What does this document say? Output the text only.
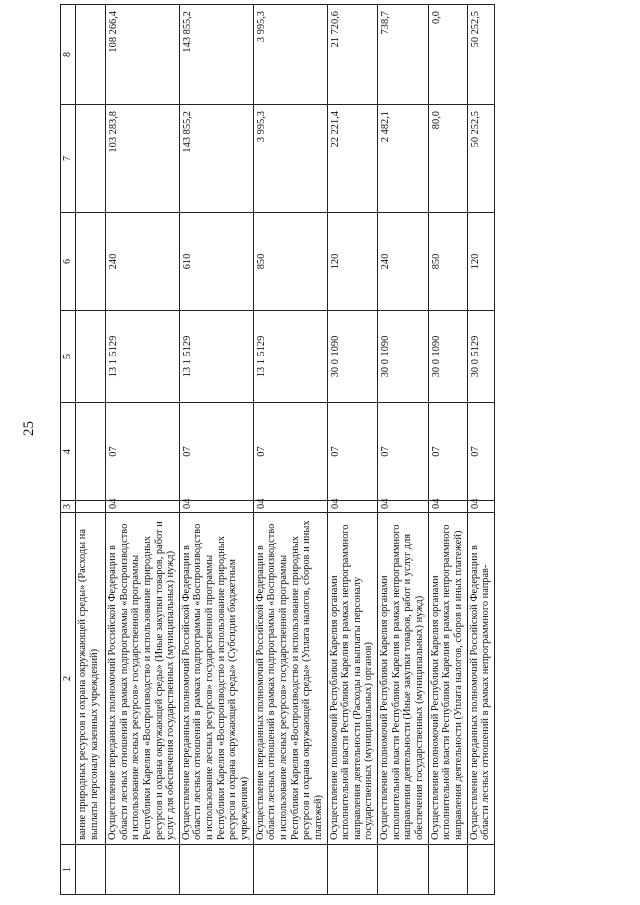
25
1	2	3	4	5	6	7	8
	вание природных ресурсов и охрана окружающей среды» (Расходы на выплаты персоналу казенных учреждений)						
	Осуществление переданных полномочий Российской Федерации в области лесных отношений в рамках подпрограммы «Воспроизводство и использование лесных ресурсов» государственной программы Республики Карелия «Воспроизводство и использование природных ресурсов и охрана окружающей среды» (Иные закупки товаров, работ и услуг для обеспечения государственных (муниципальных) нужд)	04	07	13 1 5129	240	103 283,8	108 266,4
	Осуществление переданных полномочий Российской Федерации в области лесных отношений в рамках подпрограммы «Воспроизводство и использование лесных ресурсов» государственной программы Республики Карелия «Воспроизводство и использование природных ресурсов и охрана окружающей среды» (Субсидии бюджетным учреждениям)	04	07	13 1 5129	610	143 855,2	143 855,2
	Осуществление переданных полномочий Российской Федерации в области лесных отношений в рамках подпрограммы «Воспроизводство и использование лесных ресурсов» государственной программы Республики Карелия «Воспроизводство и использование природных ресурсов и охрана окружающей среды» (Уплата налогов, сборов и иных платежей)	04	07	13 1 5129	850	3 995,3	3 995,3
	Осуществление полномочий Республики Карелия органами исполнительной власти Республики Карелия в рамках непрограммного направления деятельности (Расходы на выплаты персоналу государственных (муниципальных) органов)	04	07	30 0 1090	120	22 221,4	21 720,6
	Осуществление полномочий Республики Карелия органами исполнительной власти Республики Карелия в рамках непрограммного направления деятельности (Иные закупки товаров, работ и услуг для обеспечения государственных (муниципальных) нужд)	04	07	30 0 1090	240	2 482,1	738,7
	Осуществление полномочий Республики Карелия органами исполнительной власти Республики Карелия в рамках непрограммного направления деятельности (Уплата налогов, сборов и иных платежей)	04	07	30 0 1090	850	80,0	0,0
	Осуществление переданных полномочий Российской Федерации в области лесных отношений в рамках непрограммного направ-	04	07	30 0 5129	120	50 252,5	50 252,5
